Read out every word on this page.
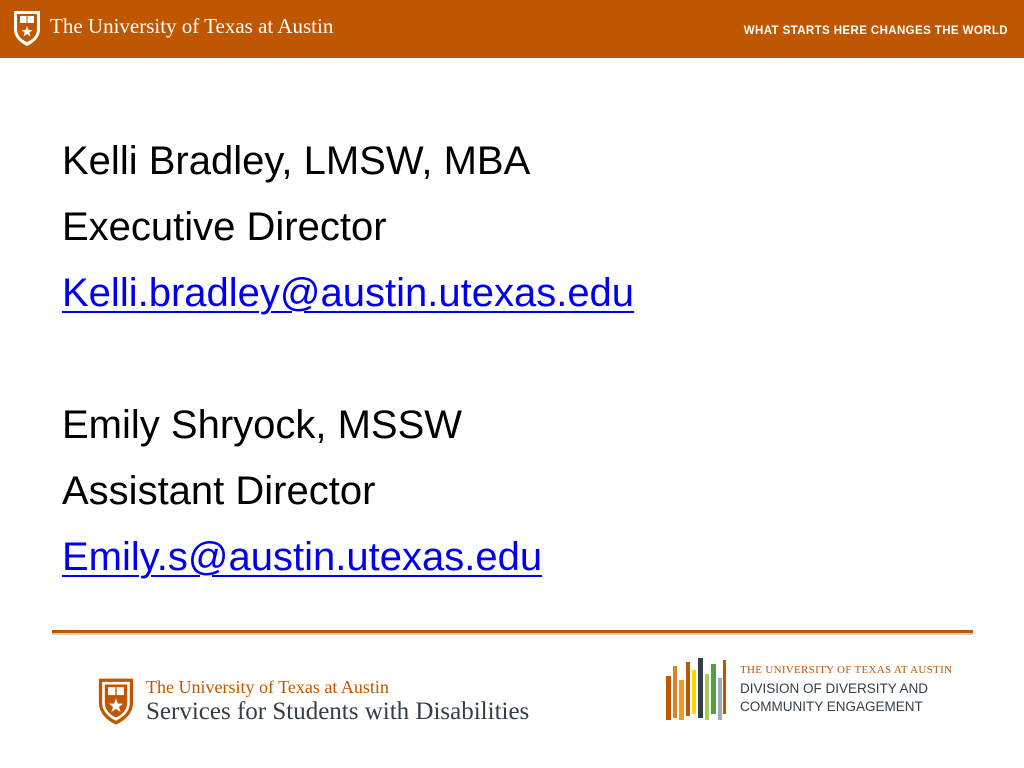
The University of Texas at Austin	WHAT STARTS HERE CHANGES THE WORLD
Kelli Bradley, LMSW, MBA
Executive Director
Kelli.bradley@austin.utexas.edu
Emily Shryock, MSSW
Assistant Director
Emily.s@austin.utexas.edu
The University of Texas at Austin
Services for Students with Disabilities
THE UNIVERSITY OF TEXAS AT AUSTIN
DIVISION OF DIVERSITY AND
COMMUNITY ENGAGEMENT
